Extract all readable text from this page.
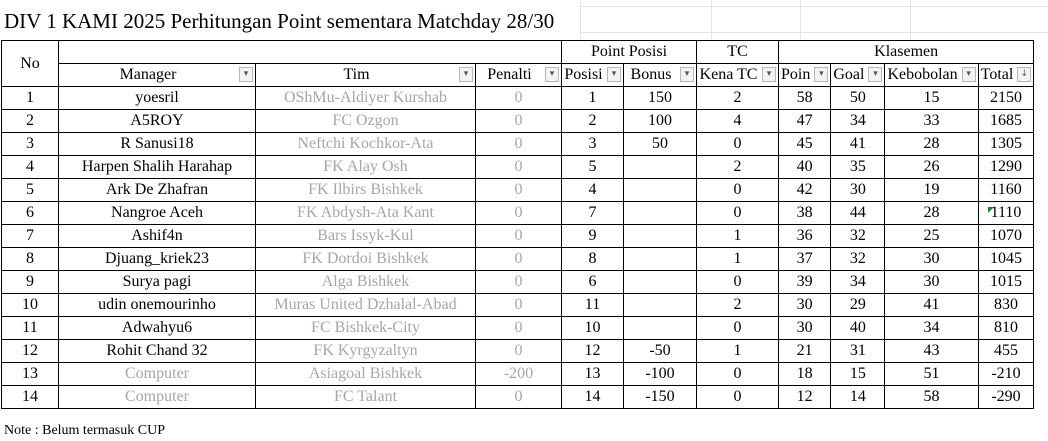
DIV 1 KAMI 2025 Perhitungan Point sementara Matchday 28/30
No				Point Posisi		TC	Klasemen			
	Manager ▾	Tim ▾	Penalti ▾	Posisi ▾	Bonus ▾	Kena TC ▾	Poin ▾	Goal ▾	Kebobolan ▾	Total ↓

1	yoesril	OShMu-Aldiyer Kurshab	0	1	150	2	58	50	15	2150
2	A5ROY	FC Ozgon	0	2	100	4	47	34	33	1685
3	R Sanusi18	Neftchi Kochkor-Ata	0	3	50	0	45	41	28	1305
4	Harpen Shalih Harahap	FK Alay Osh	0	5		2	40	35	26	1290
5	Ark De Zhafran	FK Ilbirs Bishkek	0	4		0	42	30	19	1160
6	Nangroe Aceh	FK Abdysh-Ata Kant	0	7		0	38	44	28	1110
7	Ashif4n	Bars Issyk-Kul	0	9		1	36	32	25	1070
8	Djuang_kriek23	FK Dordoi Bishkek	0	8		1	37	32	30	1045
9	Surya pagi	Alga Bishkek	0	6		0	39	34	30	1015
10	udin onemourinho	Muras United Dzhalal-Abad	0	11		2	30	29	41	830
11	Adwahyu6	FC Bishkek-City	0	10		0	30	40	34	810
12	Rohit Chand 32	FK Kyrgyzaltyn	0	12	-50	1	21	31	43	455
13	Computer	Asiagoal Bishkek	-200	13	-100	0	18	15	51	-210
14	Computer	FC Talant	0	14	-150	0	12	14	58	-290
Note : Belum termasuk CUP
